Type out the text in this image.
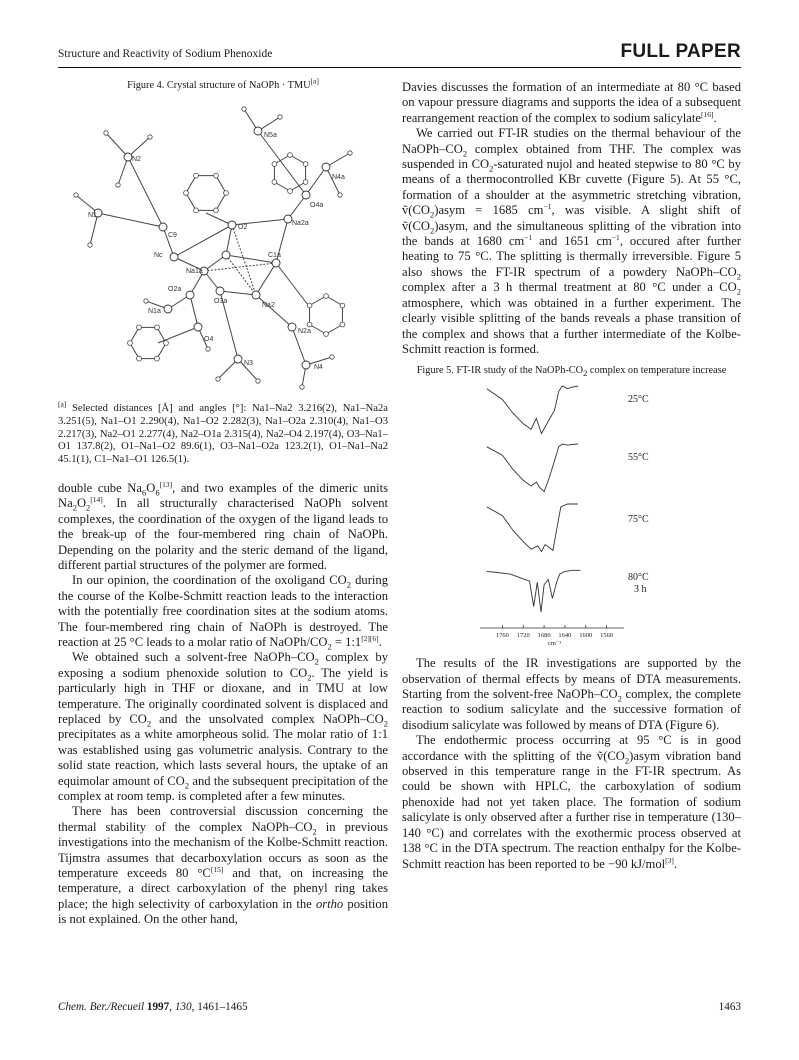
Structure and Reactivity of Sodium Phenoxide	FULL PAPER
Figure 4. Crystal structure of NaOPh · TMU[a]
N2
N5a
N4a
N1
O2
O4a
Na2a
C9
Nc
Na1a
C1a
O2a
O3a
Na2
N1a
O4
N2a
N4
N3
[a] Selected distances [Å] and angles [°]: Na1–Na2 3.216(2), Na1–Na2a 3.251(5), Na1–O1 2.290(4), Na1–O2 2.282(3), Na1–O2a 2.310(4), Na1–O3 2.217(3), Na2–O1 2.277(4), Na2–O1a 2.315(4), Na2–O4 2.197(4), O3–Na1–O1 137.8(2), O1–Na1–O2 89.6(1), O3–Na1–O2a 123.2(1), O1–Na1–Na2 45.1(1), C1–Na1–O1 126.5(1).

double cube $Na_6O_6[13]$, and two examples of the dimeric units $Na_2O_2[14]$. In all structurally characterised NaOPh solvent complexes, the coordination of the oxygen of the ligand leads to the break-up of the four-membered ring chain of NaOPh. Depending on the polarity and the steric demand of the ligand, different partial structures of the polymer are formed.

In our opinion, the coordination of the oxoligand $CO_2$ during the course of the Kolbe-Schmitt reaction leads to the interaction with the potentially free coordination sites at the sodium atoms. The four-membered ring chain of NaOPh is destroyed. The reaction at 25 °C leads to a molar ratio of NaOPh/$CO_2$ = 1:1[2][6].

We obtained such a solvent-free NaOPh–$CO_2$ complex by exposing a sodium phenoxide solution to $CO_2$. The yield is particularly high in THF or dioxane, and in TMU at low temperature. The originally coordinated solvent is displaced and replaced by $CO_2$ and the unsolvated complex NaOPh–$CO_2$ precipitates as a white amorpheous solid. The molar ratio of 1:1 was established using gas volumetric analysis. Contrary to the solid state reaction, which lasts several hours, the uptake of an equimolar amount of $CO_2$ and the subsequent precipitation of the complex at room temp. is completed after a few minutes.

There has been controversial discussion concerning the thermal stability of the complex NaOPh–$CO_2$ in previous investigations into the mechanism of the Kolbe-Schmitt reaction. Tijmstra assumes that decarboxylation occurs as soon as the temperature exceeds 80 °C[15] and that, on increasing the temperature, a direct carboxylation of the phenyl ring takes place; the high selectivity of carboxylation in the ortho position is not explained. On the other hand,

Davies discusses the formation of an intermediate at 80 °C based on vapour pressure diagrams and supports the idea of a subsequent rearrangement reaction of the complex to sodium salicylate[16].

We carried out FT-IR studies on the thermal behaviour of the NaOPh–$CO_2$ complex obtained from THF. The complex was suspended in $CO_2$-saturated nujol and heated stepwise to 80 °C by means of a thermocontrolled KBr cuvette (Figure 5). At 55 °C, formation of a shoulder at the asymmetric stretching vibration, $ṽ(CO_2)asym = 1685$ $cm^{-1}$, was visible. A slight shift of $ṽ(CO_2)asym$, and the simultaneous splitting of the vibration into the bands at 1680 $cm^{-1}$ and 1651 $cm^{-1}$, occured after further heating to 75 °C. The splitting is thermally irreversible. Figure 5 also shows the FT-IR spectrum of a powdery NaOPh–$CO_2$ complex after a 3 h thermal treatment at 80 °C under a $CO_2$ atmosphere, which was obtained in a further experiment. The clearly visible splitting of the bands reveals a phase transition of the complex and shows that a further intermediate of the Kolbe-Schmitt reaction is formed.

Figure 5. FT-IR study of the NaOPh-$CO_2$ complex on temperature increase
25°C
55°C
75°C
80°C
3 h
1760 1720 1680 1640 1600 1560
cm⁻¹

The results of the IR investigations are supported by the observation of thermal effects by means of DTA measurements. Starting from the solvent-free NaOPh–$CO_2$ complex, the complete reaction to sodium salicylate and the successive formation of disodium salicylate was followed by means of DTA (Figure 6).

The endothermic process occurring at 95 °C is in good accordance with the splitting of the $ṽ(CO_2)asym$ vibration band observed in this temperature range in the FT-IR spectrum. As could be shown with HPLC, the carboxylation of sodium phenoxide had not yet taken place. The formation of sodium salicylate is only observed after a further rise in temperature (130–140 °C) and correlates with the exothermic process observed at 138 °C in the DTA spectrum. The reaction enthalpy for the Kolbe-Schmitt reaction has been reported to be −90 kJ/mol[3].

Chem. Ber./Recueil 1997, 130, 1461–1465	1463
